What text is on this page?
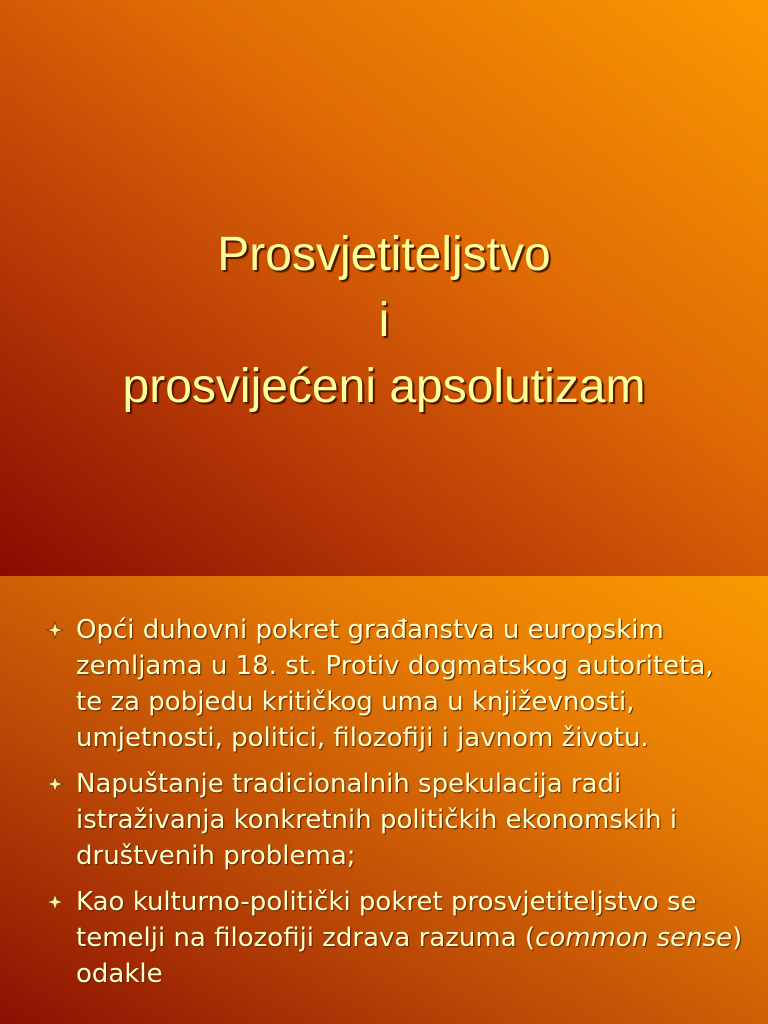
Prosvjetiteljstvo
i
prosvijećeni apsolutizam
Opći duhovni pokret građanstva u europskim zemljama u 18. st. Protiv dogmatskog autoriteta, te za pobjedu kritičkog uma u književnosti, umjetnosti, politici, filozofiji i javnom životu.
Napuštanje tradicionalnih spekulacija radi istraživanja konkretnih političkih ekonomskih i društvenih problema;
Kao kulturno-politički pokret prosvjetiteljstvo se temelji na filozofiji zdrava razuma (common sense) odakle
